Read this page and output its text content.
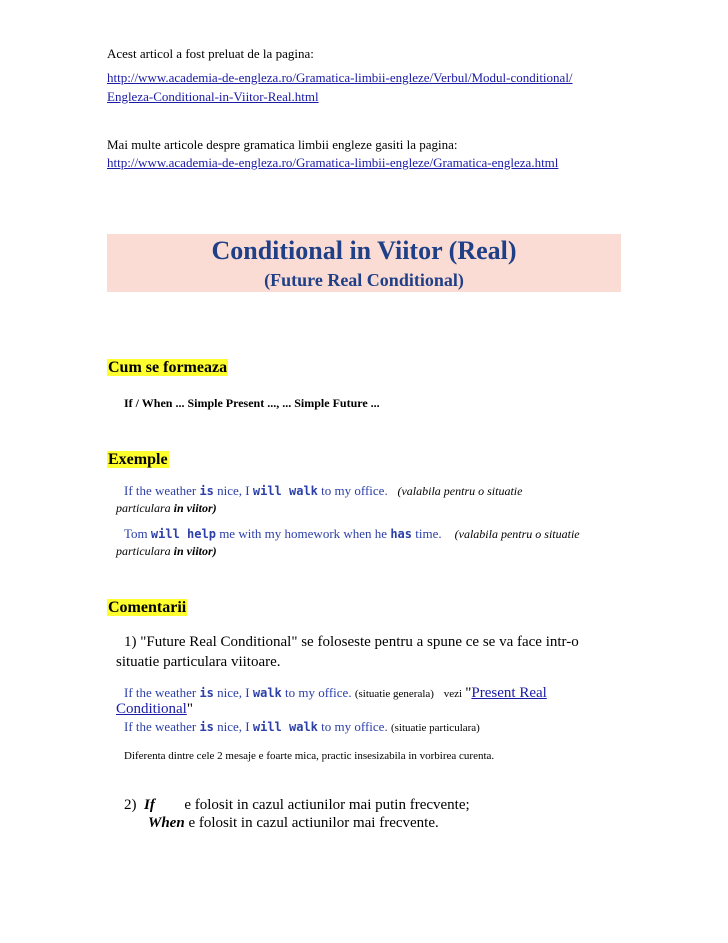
Acest articol a fost preluat de la pagina:
http://www.academia-de-engleza.ro/Gramatica-limbii-engleze/Verbul/Modul-conditional/
Engleza-Conditional-in-Viitor-Real.html
Mai multe articole despre gramatica limbii engleze gasiti la pagina:
http://www.academia-de-engleza.ro/Gramatica-limbii-engleze/Gramatica-engleza.html
Conditional in Viitor (Real)
(Future Real Conditional)
Cum se formeaza
If / When ... Simple Present ..., ... Simple Future ...
Exemple
If the weather is nice, I will walk to my office. (valabila pentru o situatie
particulara in viitor)
Tom will help me with my homework when he has time. (valabila pentru o situatie
particulara in viitor)
Comentarii
1) "Future Real Conditional" se foloseste pentru a spune ce se va face intr-o
situatie particulara viitoare.
If the weather is nice, I walk to my office. (situatie generala) vezi "Present Real
Conditional"
If the weather is nice, I will walk to my office. (situatie particulara)
Diferenta dintre cele 2 mesaje e foarte mica, practic insesizabila in vorbirea curenta.
2) If e folosit in cazul actiunilor mai putin frecvente;
When e folosit in cazul actiunilor mai frecvente.
